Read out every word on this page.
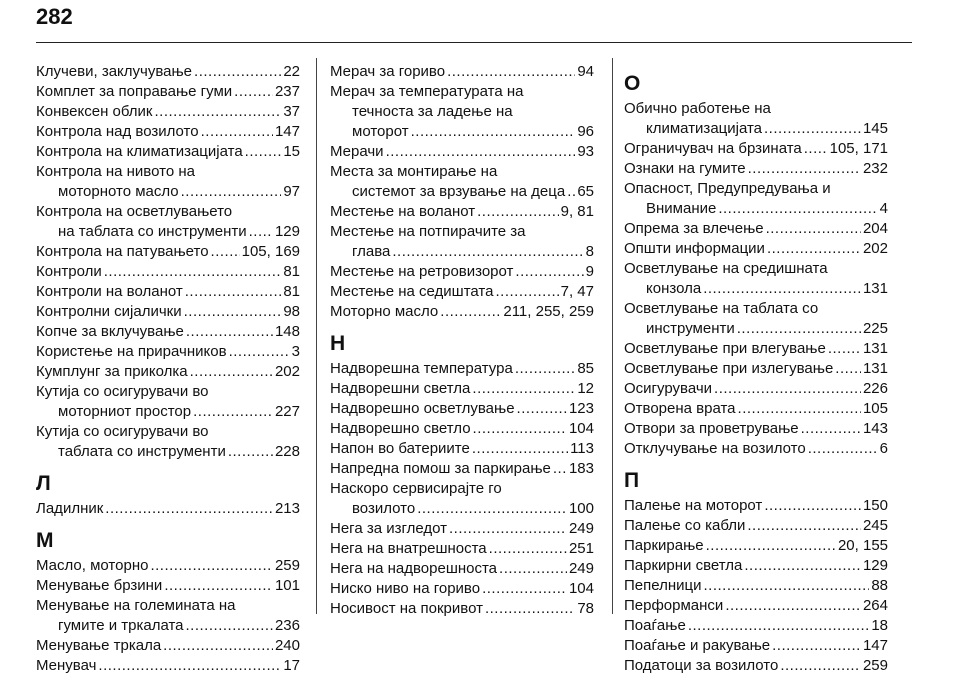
282
Клучеви, заклучување .....	22
Комплет за поправање гуми .....	237
Конвексен облик .....	37
Контрола над возилото .....	147
Контрола на климатизацијата .....	15
Контрола на нивото на
моторното масло .....	97
Контрола на осветлувањето
на таблата со инструменти ..... 129
Контрола на патувањето ..... 105, 169
Контроли .....	81
Контроли на воланот .....	81
Контролни сијалички .....	98
Копче за вклучување .....	148
Користење на прирачников .....	3
Кумплунг за приколка .....	202
Кутија со осигурувачи во
моторниот простор .....	227
Кутија со осигурувачи во
таблата со инструменти .....	228
Л
Ладилник .....	213
М
Масло, моторно .....	259
Менување брзини .....	101
Менување на големината на
гумите и тркалата .....	236
Менување тркала .....	240
Менувач .....	17
Мерач за гориво .....	94
Мерач за температурата на
течноста за ладење на
моторот .....	96
Мерачи .....	93
Места за монтирање на
системот за врзување на деца ..... 65
Местење на воланот .....	9, 81
Местење на потпирачите за
глава .....	8
Местење на ретровизорот .....	9
Местење на седиштата .....	7, 47
Моторно масло .....	211, 255, 259
Н
Надворешна температура .....	85
Надворешни светла .....	12
Надворешно осветлување .....	123
Надворешно светло .....	104
Напон во батериите .....	113
Напредна помош за паркирање ..... 183
Наскоро сервисирајте го
возилото .....	100
Нега за изгледот .....	249
Нега на внатрешноста .....	251
Нега на надворешноста .....	249
Ниско ниво на гориво .....	104
Носивост на покривот .....	78
О
Обично работење на
климатизацијата .....	145
Ограничувач на брзината ..... 105, 171
Ознаки на гумите .....	232
Опасност, Предупредувања и
Внимание .....	4
Опрема за влечење .....	204
Општи информации .....	202
Осветлување на средишната
конзола .....	131
Осветлување на таблата со
инструменти .....	225
Осветлување при влегување ..... 131
Осветлување при излегување ..... 131
Осигурувачи .....	226
Отворена врата .....	105
Отвори за проветрување .....	143
Отклучување на возилото .....	6
П
Палење на моторот .....	150
Палење со кабли .....	245
Паркирање .....	20, 155
Паркирни светла .....	129
Пепелници .....	88
Перформанси .....	264
Поаѓање .....	18
Поаѓање и ракување .....	147
Податоци за возилото .....	259
